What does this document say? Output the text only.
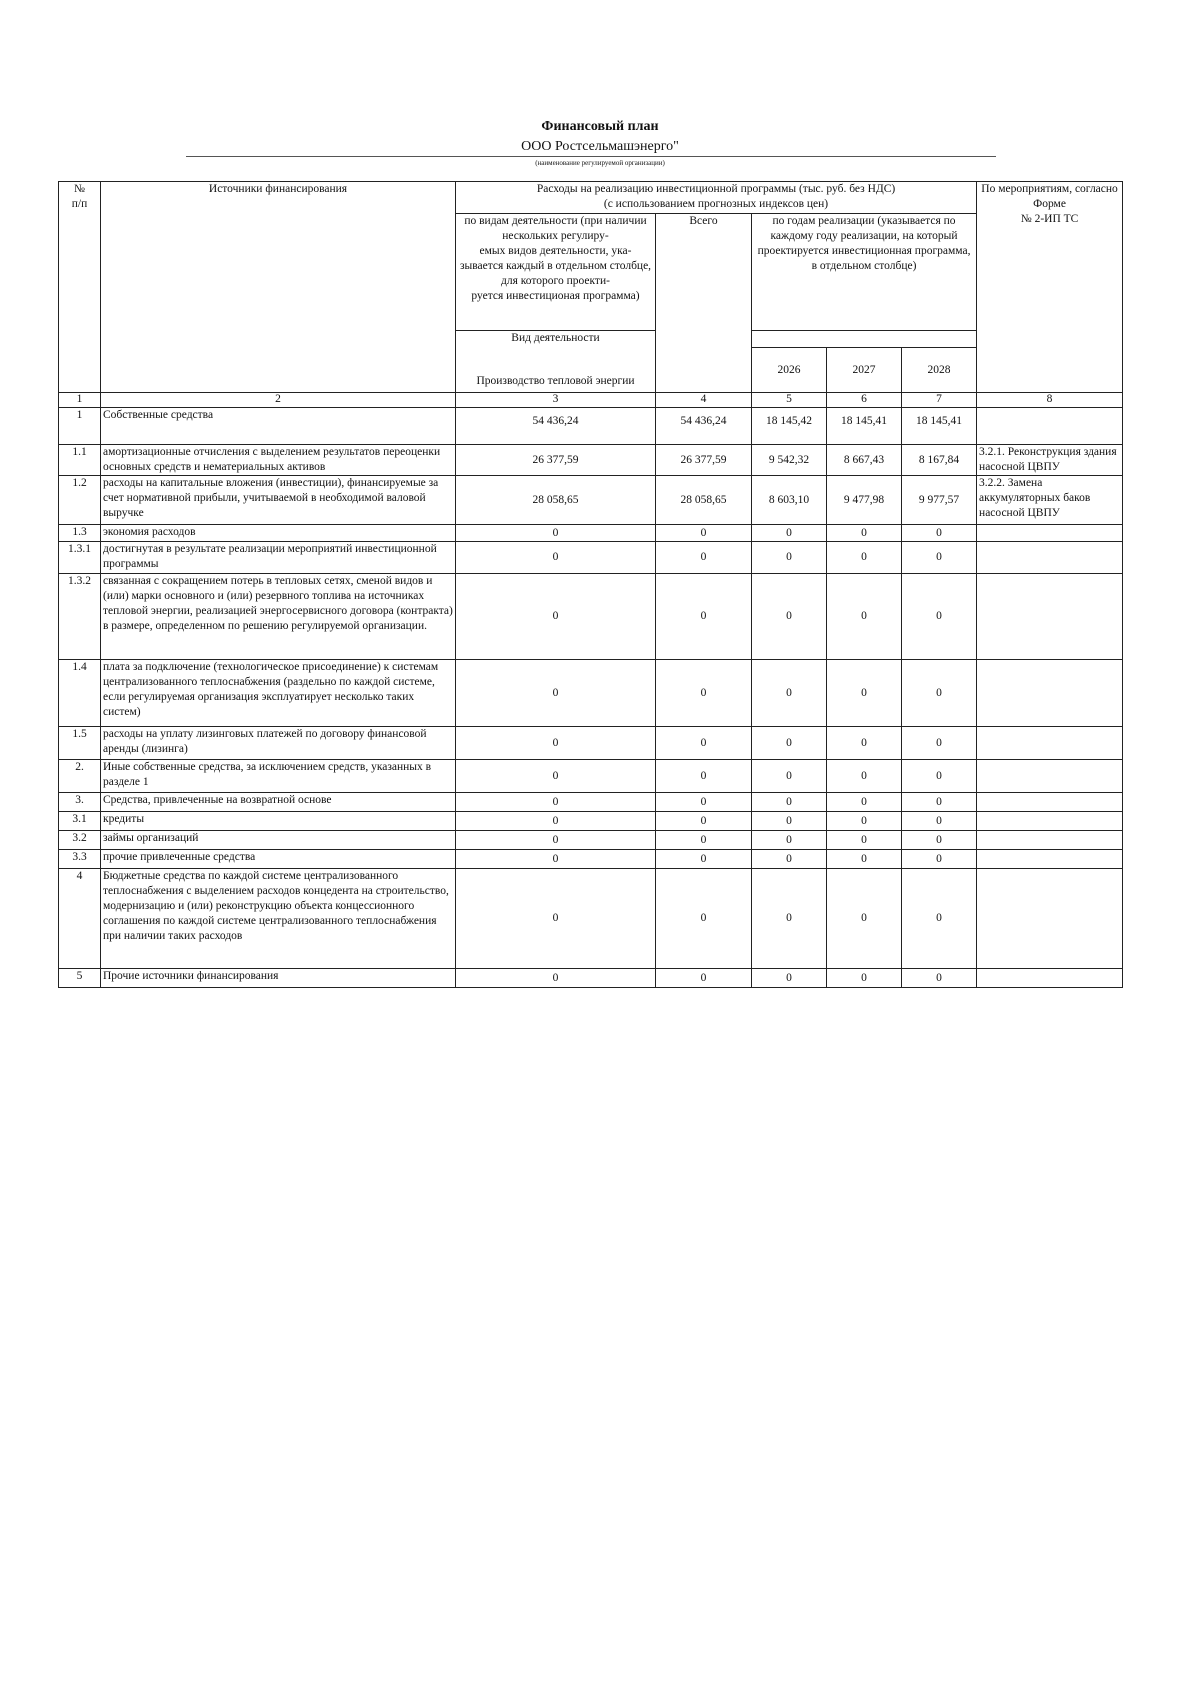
Финансовый план
ООО Ростсельмашэнерго"
(наименование регулируемой организации)
№
п/п	Источники финансирования	Расходы на реализацию инвестиционной программы (тыс. руб. без НДС)
(с использованием прогнозных индексов цен)					По мероприятиям, согласно Форме
№ 2-ИП ТС
		по видам деятельности (при наличии нескольких регулиру-
емых видов деятельности, ука-
зывается каждый в отдельном столбце, для которого проекти-
руется инвестиционая программа)	Всего	по годам реализации (указывается по каждому году реализации, на который проектируется инвестиционная программа,
в отдельном столбце)			

		Вид деятельности
Производство тепловой энергии					

				2026	2027	2028	
1	2	3	4	5	6	7	8
1	Собственные средства	54 436,24	54 436,24	18 145,42	18 145,41	18 145,41	
1.1	амортизационные отчисления с выделением результатов переоценки основных средств и нематериальных активов	26 377,59	26 377,59	9 542,32	8 667,43	8 167,84	3.2.1. Реконструкция здания насосной ЦВПУ
1.2	расходы на капитальные вложения (инвестиции), финансируемые за счет нормативной прибыли, учитываемой в необходимой валовой выручке	28 058,65	28 058,65	8 603,10	9 477,98	9 977,57	3.2.2. Замена аккумуляторных баков насосной ЦВПУ
1.3	экономия расходов	0	0	0	0	0	
1.3.1	достигнутая в результате реализации мероприятий инвестиционной программы	0	0	0	0	0	
1.3.2	связанная с сокращением потерь в тепловых сетях, сменой видов и (или) марки основного и (или) резервного топлива на источниках тепловой энергии, реализацией энергосервисного договора (контракта) в размере, определенном по решению регулируемой организации.	0	0	0	0	0	
1.4	плата за подключение (технологическое присоединение) к системам централизованного теплоснабжения (раздельно по каждой системе, если регулируемая организация эксплуатирует несколько таких систем)	0	0	0	0	0	
1.5	расходы на уплату лизинговых платежей по договору финансовой аренды (лизинга)	0	0	0	0	0	
2.	Иные собственные средства, за исключением средств, указанных в разделе 1	0	0	0	0	0	
3.	Средства, привлеченные на возвратной основе	0	0	0	0	0	
3.1	кредиты	0	0	0	0	0	
3.2	займы организаций	0	0	0	0	0	
3.3	прочие привлеченные средства	0	0	0	0	0	
4	Бюджетные средства по каждой системе централизованного теплоснабжения с выделением расходов концедента на строительство, модернизацию и (или) реконструкцию объекта концессионного соглашения по каждой системе централизованного теплоснабжения при наличии таких расходов	0	0	0	0	0	
5	Прочие источники финансирования	0	0	0	0	0	
